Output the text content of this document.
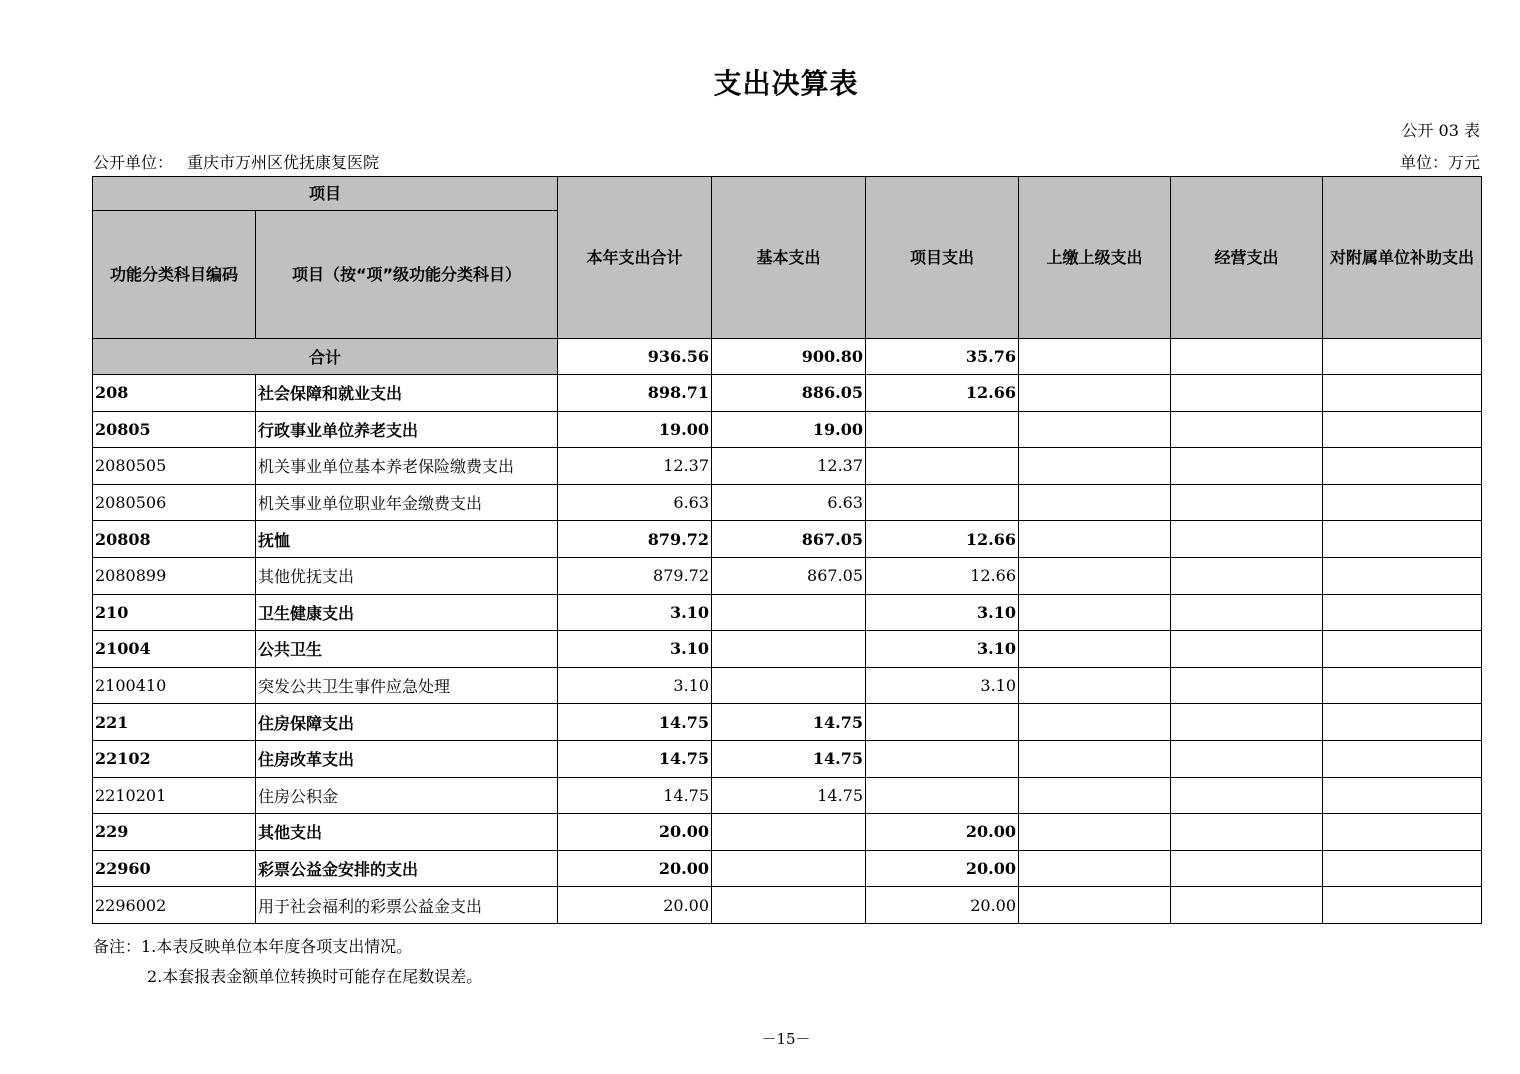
支出决算表
公开 03 表
公开单位： 重庆市万州区优抚康复医院	单位：万元
项目		本年支出合计	基本支出	项目支出	上缴上级支出	经营支出	对附属单位补助支出
功能分类科目编码	项目（按“项”级功能分类科目）						
合计		936.56	900.80	35.76			
208	社会保障和就业支出	898.71	886.05	12.66			
20805	行政事业单位养老支出	19.00	19.00				
2080505	机关事业单位基本养老保险缴费支出	12.37	12.37				
2080506	机关事业单位职业年金缴费支出	6.63	6.63				
20808	抚恤	879.72	867.05	12.66			
2080899	其他优抚支出	879.72	867.05	12.66			
210	卫生健康支出	3.10		3.10			
21004	公共卫生	3.10		3.10			
2100410	突发公共卫生事件应急处理	3.10		3.10			
221	住房保障支出	14.75	14.75				
22102	住房改革支出	14.75	14.75				
2210201	住房公积金	14.75	14.75				
229	其他支出	20.00		20.00			
22960	彩票公益金安排的支出	20.00		20.00			
2296002	用于社会福利的彩票公益金支出	20.00		20.00			
备注：1.本表反映单位本年度各项支出情况。
2.本套报表金额单位转换时可能存在尾数误差。
－15－
